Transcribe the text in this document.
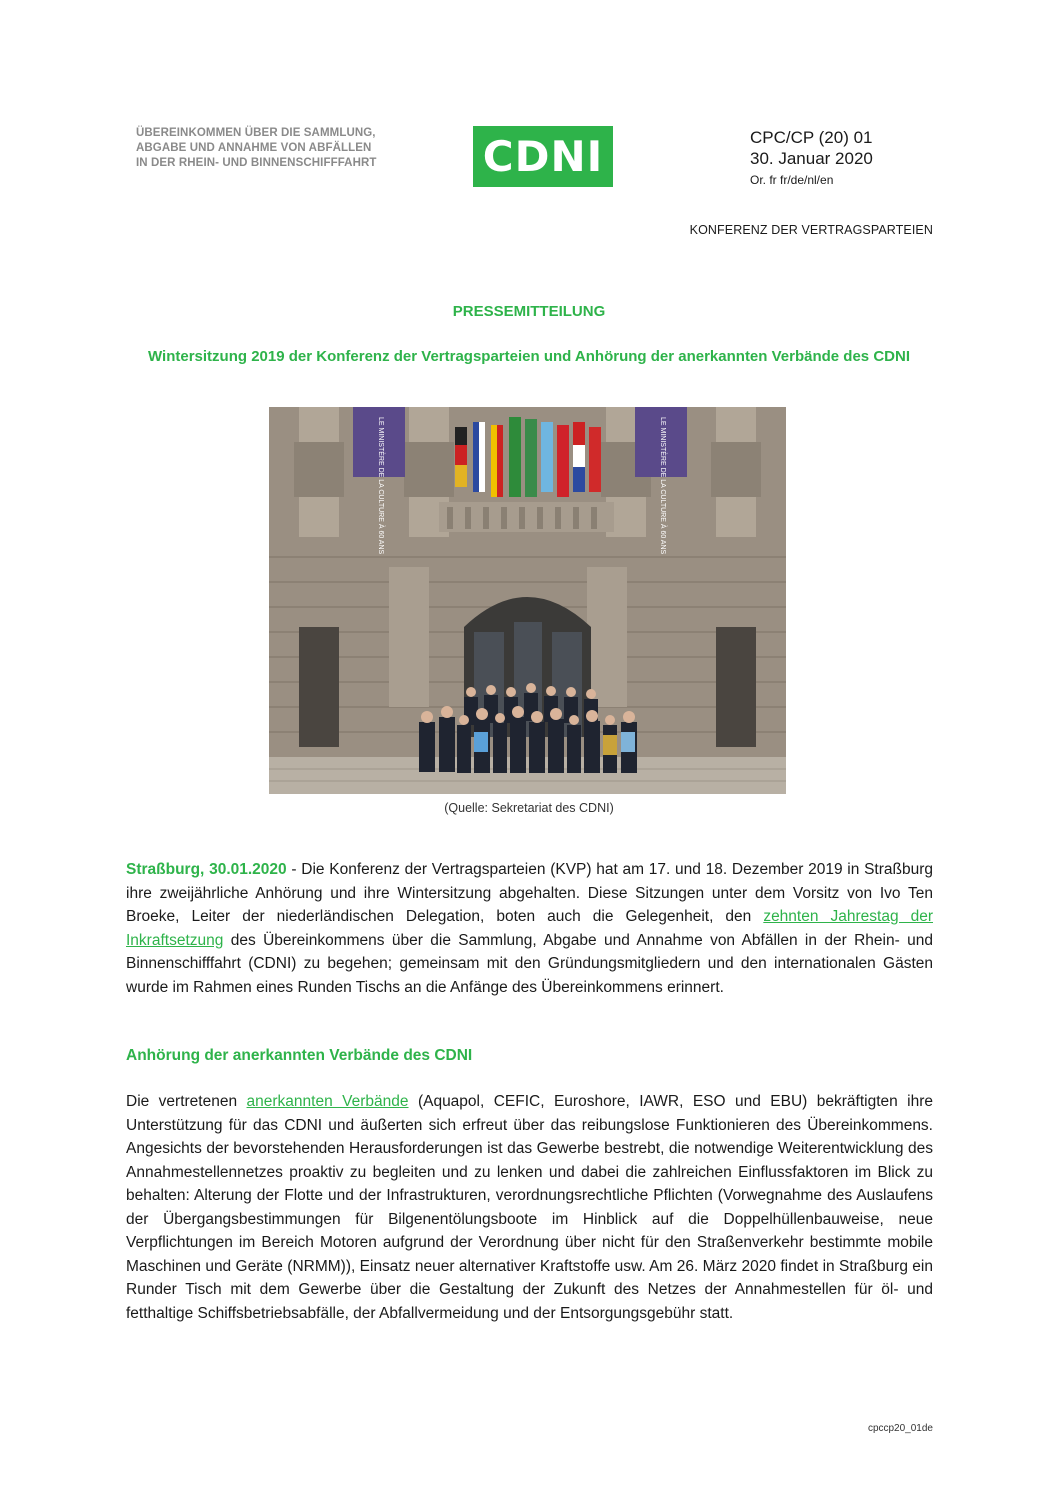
ÜBEREINKOMMEN ÜBER DIE SAMMLUNG,
ABGABE UND ANNAHME VON ABFÄLLEN
IN DER RHEIN- UND BINNENSCHIFFFAHRT	CDNI	CPC/CP (20) 01
30. Januar 2020
Or. fr fr/de/nl/en
KONFERENZ DER VERTRAGSPARTEIEN
PRESSEMITTEILUNG
Wintersitzung 2019 der Konferenz der Vertragsparteien und Anhörung der anerkannten Verbände des CDNI
LE MINISTÈRE DE LA CULTURE À 60 ANS	LE MINISTÈRE DE LA CULTURE À 60 ANS
(Quelle: Sekretariat des CDNI)
Straßburg, 30.01.2020 - Die Konferenz der Vertragsparteien (KVP) hat am 17. und 18. Dezember 2019 in Straßburg ihre zweijährliche Anhörung und ihre Wintersitzung abgehalten. Diese Sitzungen unter dem Vorsitz von Ivo Ten Broeke, Leiter der niederländischen Delegation, boten auch die Gelegenheit, den zehnten Jahrestag der Inkraftsetzung des Übereinkommens über die Sammlung, Abgabe und Annahme von Abfällen in der Rhein- und Binnenschifffahrt (CDNI) zu begehen; gemeinsam mit den Gründungsmitgliedern und den internationalen Gästen wurde im Rahmen eines Runden Tischs an die Anfänge des Übereinkommens erinnert.
Anhörung der anerkannten Verbände des CDNI
Die vertretenen anerkannten Verbände (Aquapol, CEFIC, Euroshore, IAWR, ESO und EBU) bekräftigten ihre Unterstützung für das CDNI und äußerten sich erfreut über das reibungslose Funktionieren des Übereinkommens. Angesichts der bevorstehenden Herausforderungen ist das Gewerbe bestrebt, die notwendige Weiterentwicklung des Annahmestellennetzes proaktiv zu begleiten und zu lenken und dabei die zahlreichen Einflussfaktoren im Blick zu behalten: Alterung der Flotte und der Infrastrukturen, verordnungsrechtliche Pflichten (Vorwegnahme des Auslaufens der Übergangsbestimmungen für Bilgenentölungsboote im Hinblick auf die Doppelhüllenbauweise, neue Verpflichtungen im Bereich Motoren aufgrund der Verordnung über nicht für den Straßenverkehr bestimmte mobile Maschinen und Geräte (NRMM)), Einsatz neuer alternativer Kraftstoffe usw. Am 26. März 2020 findet in Straßburg ein Runder Tisch mit dem Gewerbe über die Gestaltung der Zukunft des Netzes der Annahmestellen für öl- und fetthaltige Schiffsbetriebsabfälle, der Abfallvermeidung und der Entsorgungsgebühr statt.
cpccp20_01de
